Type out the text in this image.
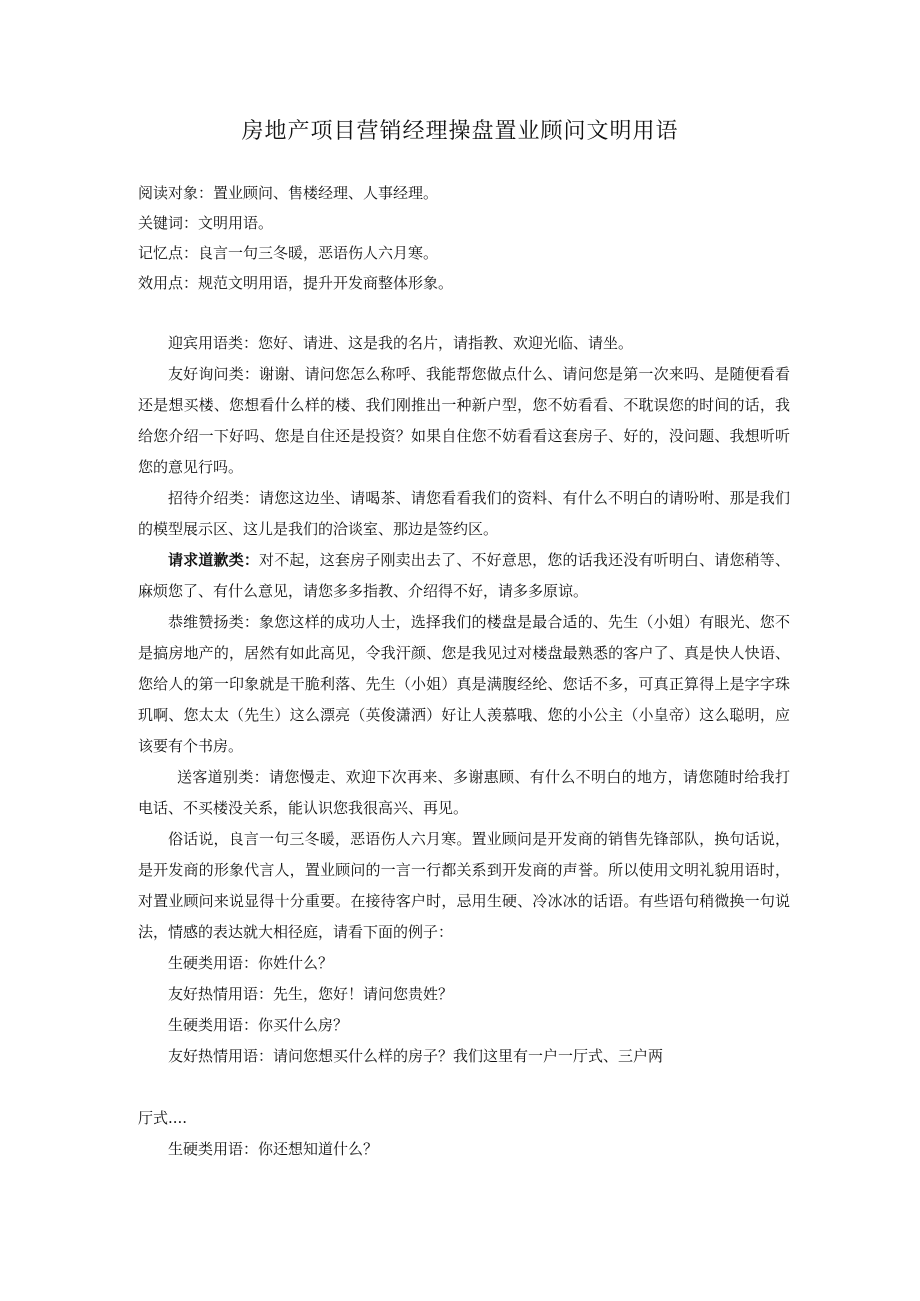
房地产项目营销经理操盘置业顾问文明用语
阅读对象：置业顾问、售楼经理、人事经理。
关键词：文明用语。
记忆点：良言一句三冬暖，恶语伤人六月寒。
效用点：规范文明用语，提升开发商整体形象。

迎宾用语类：您好、请进、这是我的名片，请指教、欢迎光临、请坐。

友好询问类：谢谢、请问您怎么称呼、我能帮您做点什么、请问您是第一次来吗、是随便看看还是想买楼、您想看什么样的楼、我们刚推出一种新户型，您不妨看看、不耽误您的时间的话，我给您介绍一下好吗、您是自住还是投资？如果自住您不妨看看这套房子、好的，没问题、我想听听您的意见行吗。

招待介绍类：请您这边坐、请喝茶、请您看看我们的资料、有什么不明白的请吩咐、那是我们的模型展示区、这儿是我们的洽谈室、那边是签约区。

请求道歉类：对不起，这套房子刚卖出去了、不好意思，您的话我还没有听明白、请您稍等、麻烦您了、有什么意见，请您多多指教、介绍得不好，请多多原谅。

恭维赞扬类：象您这样的成功人士，选择我们的楼盘是最合适的、先生（小姐）有眼光、您不是搞房地产的，居然有如此高见，令我汗颜、您是我见过对楼盘最熟悉的客户了、真是快人快语、您给人的第一印象就是干脆利落、先生（小姐）真是满腹经纶、您话不多，可真正算得上是字字珠玑啊、您太太（先生）这么漂亮（英俊潇洒）好让人羡慕哦、您的小公主（小皇帝）这么聪明，应该要有个书房。

送客道别类：请您慢走、欢迎下次再来、多谢惠顾、有什么不明白的地方，请您随时给我打电话、不买楼没关系，能认识您我很高兴、再见。

俗话说，良言一句三冬暖，恶语伤人六月寒。置业顾问是开发商的销售先锋部队，换句话说，是开发商的形象代言人，置业顾问的一言一行都关系到开发商的声誉。所以使用文明礼貌用语时，对置业顾问来说显得十分重要。在接待客户时，忌用生硬、冷冰冰的话语。有些语句稍微换一句说法，情感的表达就大相径庭，请看下面的例子：

生硬类用语：你姓什么？

友好热情用语：先生，您好！请问您贵姓？

生硬类用语：你买什么房？

友好热情用语：请问您想买什么样的房子？我们这里有一户一厅式、三户两

厅式....

生硬类用语：你还想知道什么？
